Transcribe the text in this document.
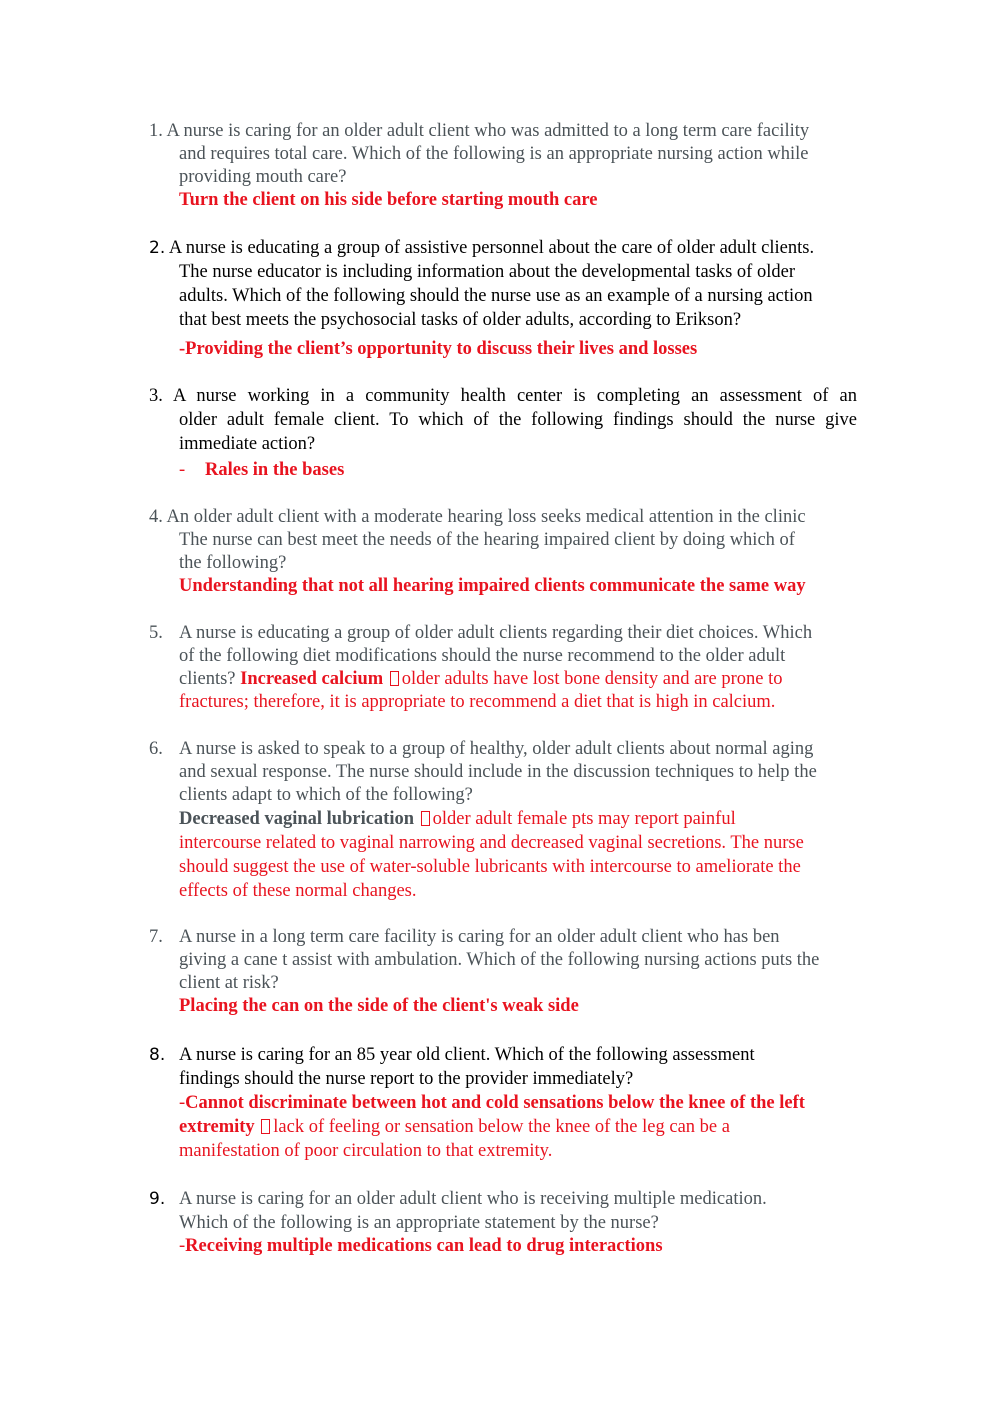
1. A nurse is caring for an older adult client who was admitted to a long term care facility
and requires total care. Which of the following is an appropriate nursing action while
providing mouth care?
Turn the client on his side before starting mouth care
2. A nurse is educating a group of assistive personnel about the care of older adult clients.
The nurse educator is including information about the developmental tasks of older
adults. Which of the following should the nurse use as an example of a nursing action
that best meets the psychosocial tasks of older adults, according to Erikson?
-Providing the client’s opportunity to discuss their lives and losses
3. A nurse working in a community health center is completing an assessment of an
older adult female client. To which of the following findings should the nurse give
immediate action?
- Rales in the bases
4. An older adult client with a moderate hearing loss seeks medical attention in the clinic
The nurse can best meet the needs of the hearing impaired client by doing which of
the following?
Understanding that not all hearing impaired clients communicate the same way
5. A nurse is educating a group of older adult clients regarding their diet choices. Which
of the following diet modifications should the nurse recommend to the older adult
clients? Increased calcium older adults have lost bone density and are prone to
fractures; therefore, it is appropriate to recommend a diet that is high in calcium.
6. A nurse is asked to speak to a group of healthy, older adult clients about normal aging
and sexual response. The nurse should include in the discussion techniques to help the
clients adapt to which of the following?
Decreased vaginal lubrication older adult female pts may report painful
intercourse related to vaginal narrowing and decreased vaginal secretions. The nurse
should suggest the use of water-soluble lubricants with intercourse to ameliorate the
effects of these normal changes.
7. A nurse in a long term care facility is caring for an older adult client who has ben
giving a cane t assist with ambulation. Which of the following nursing actions puts the
client at risk?
Placing the can on the side of the client's weak side
8. A nurse is caring for an 85 year old client. Which of the following assessment
findings should the nurse report to the provider immediately?
-Cannot discriminate between hot and cold sensations below the knee of the left
extremity lack of feeling or sensation below the knee of the leg can be a
manifestation of poor circulation to that extremity.
9. A nurse is caring for an older adult client who is receiving multiple medication.
Which of the following is an appropriate statement by the nurse?
-Receiving multiple medications can lead to drug interactions
